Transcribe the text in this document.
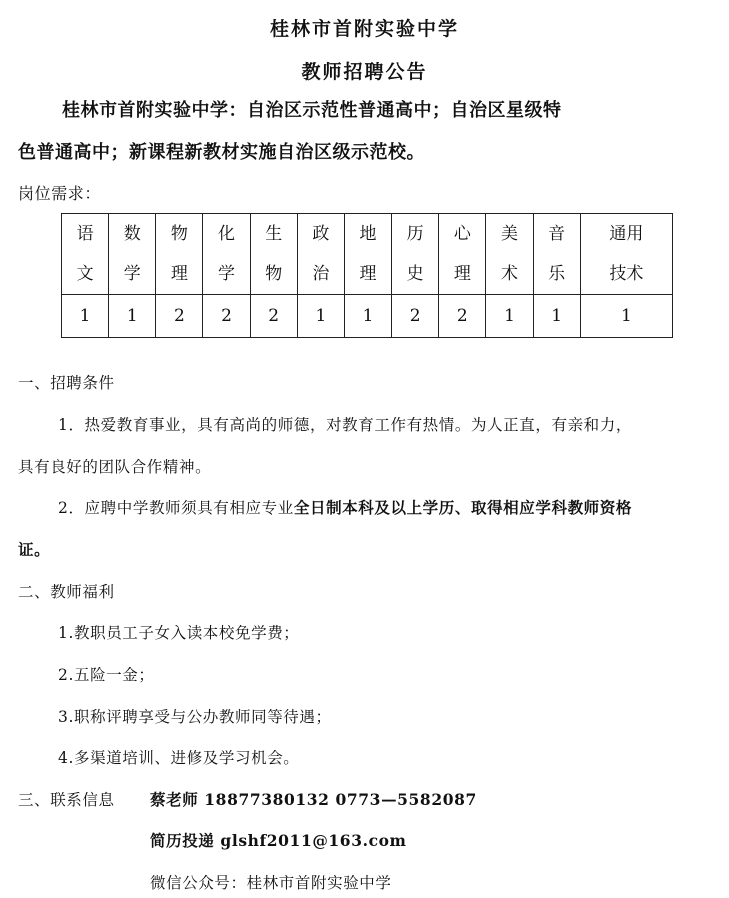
桂林市首附实验中学
教师招聘公告
桂林市首附实验中学：自治区示范性普通高中；自治区星级特
色普通高中；新课程新教材实施自治区级示范校。
岗位需求：
语文	数学	物理	化学	生物	政治	地理	历史	心理	美术	音乐	通用技术
1	1	2	2	2	1	1	2	2	1	1	1
一、招聘条件
1．热爱教育事业，具有高尚的师德，对教育工作有热情。为人正直，有亲和力，
具有良好的团队合作精神。
2．应聘中学教师须具有相应专业全日制本科及以上学历、取得相应学科教师资格
证。
二、教师福利
1.教职员工子女入读本校免学费；
2.五险一金；
3.职称评聘享受与公办教师同等待遇；
4.多渠道培训、进修及学习机会。
三、联系信息 蔡老师 18877380132 0773—5582087
简历投递 glshf2011@163.com
微信公众号：桂林市首附实验中学
